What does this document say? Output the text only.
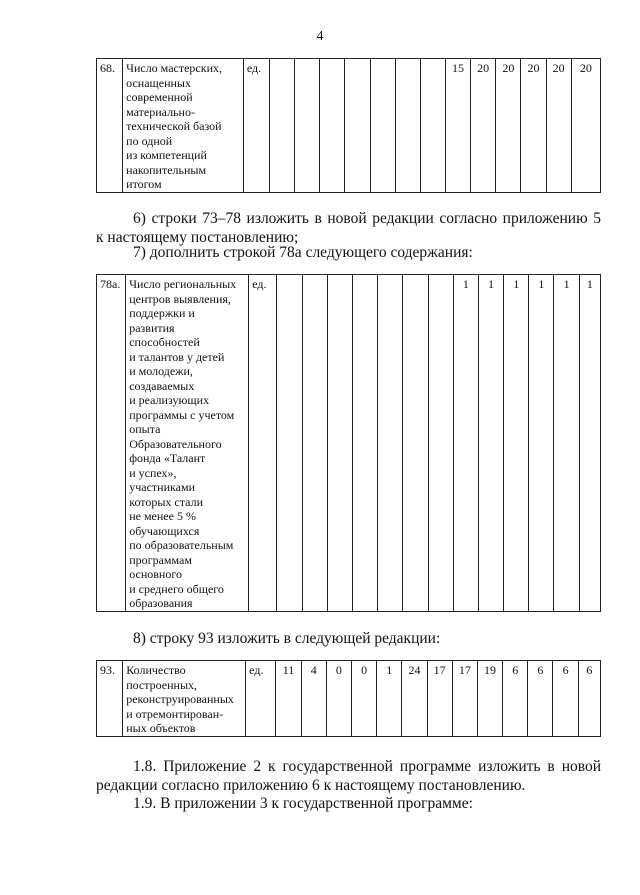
4
68.	Число мастерских,
оснащенных
современной
материально-
технической базой
по одной
из компетенций
накопительным
итогом
	ед.								15	20	20	20	20	20
6) строки 73–78 изложить в новой редакции согласно приложению 5
к настоящему постановлению;
7) дополнить строкой 78а следующего содержания:
78а.	Число региональных
центров выявления,
поддержки и
развития
способностей
и талантов у детей
и молодежи,
создаваемых
и реализующих
программы с учетом
опыта
Образовательного
фонда «Талант
и успех»,
участниками
которых стали
не менее 5 %
обучающихся
по образовательным
программам
основного
и среднего общего
образования
	ед.								1	1	1	1	1	1
8) строку 93 изложить в следующей редакции:
93.	Количество
построенных,
реконструированных
и отремонтирован-
ных объектов
	ед.	11	4	0	0	1	24	17	17	19	6	6	6	6
1.8. Приложение 2 к государственной программе изложить в новой
редакции согласно приложению 6 к настоящему постановлению.
1.9. В приложении 3 к государственной программе:
